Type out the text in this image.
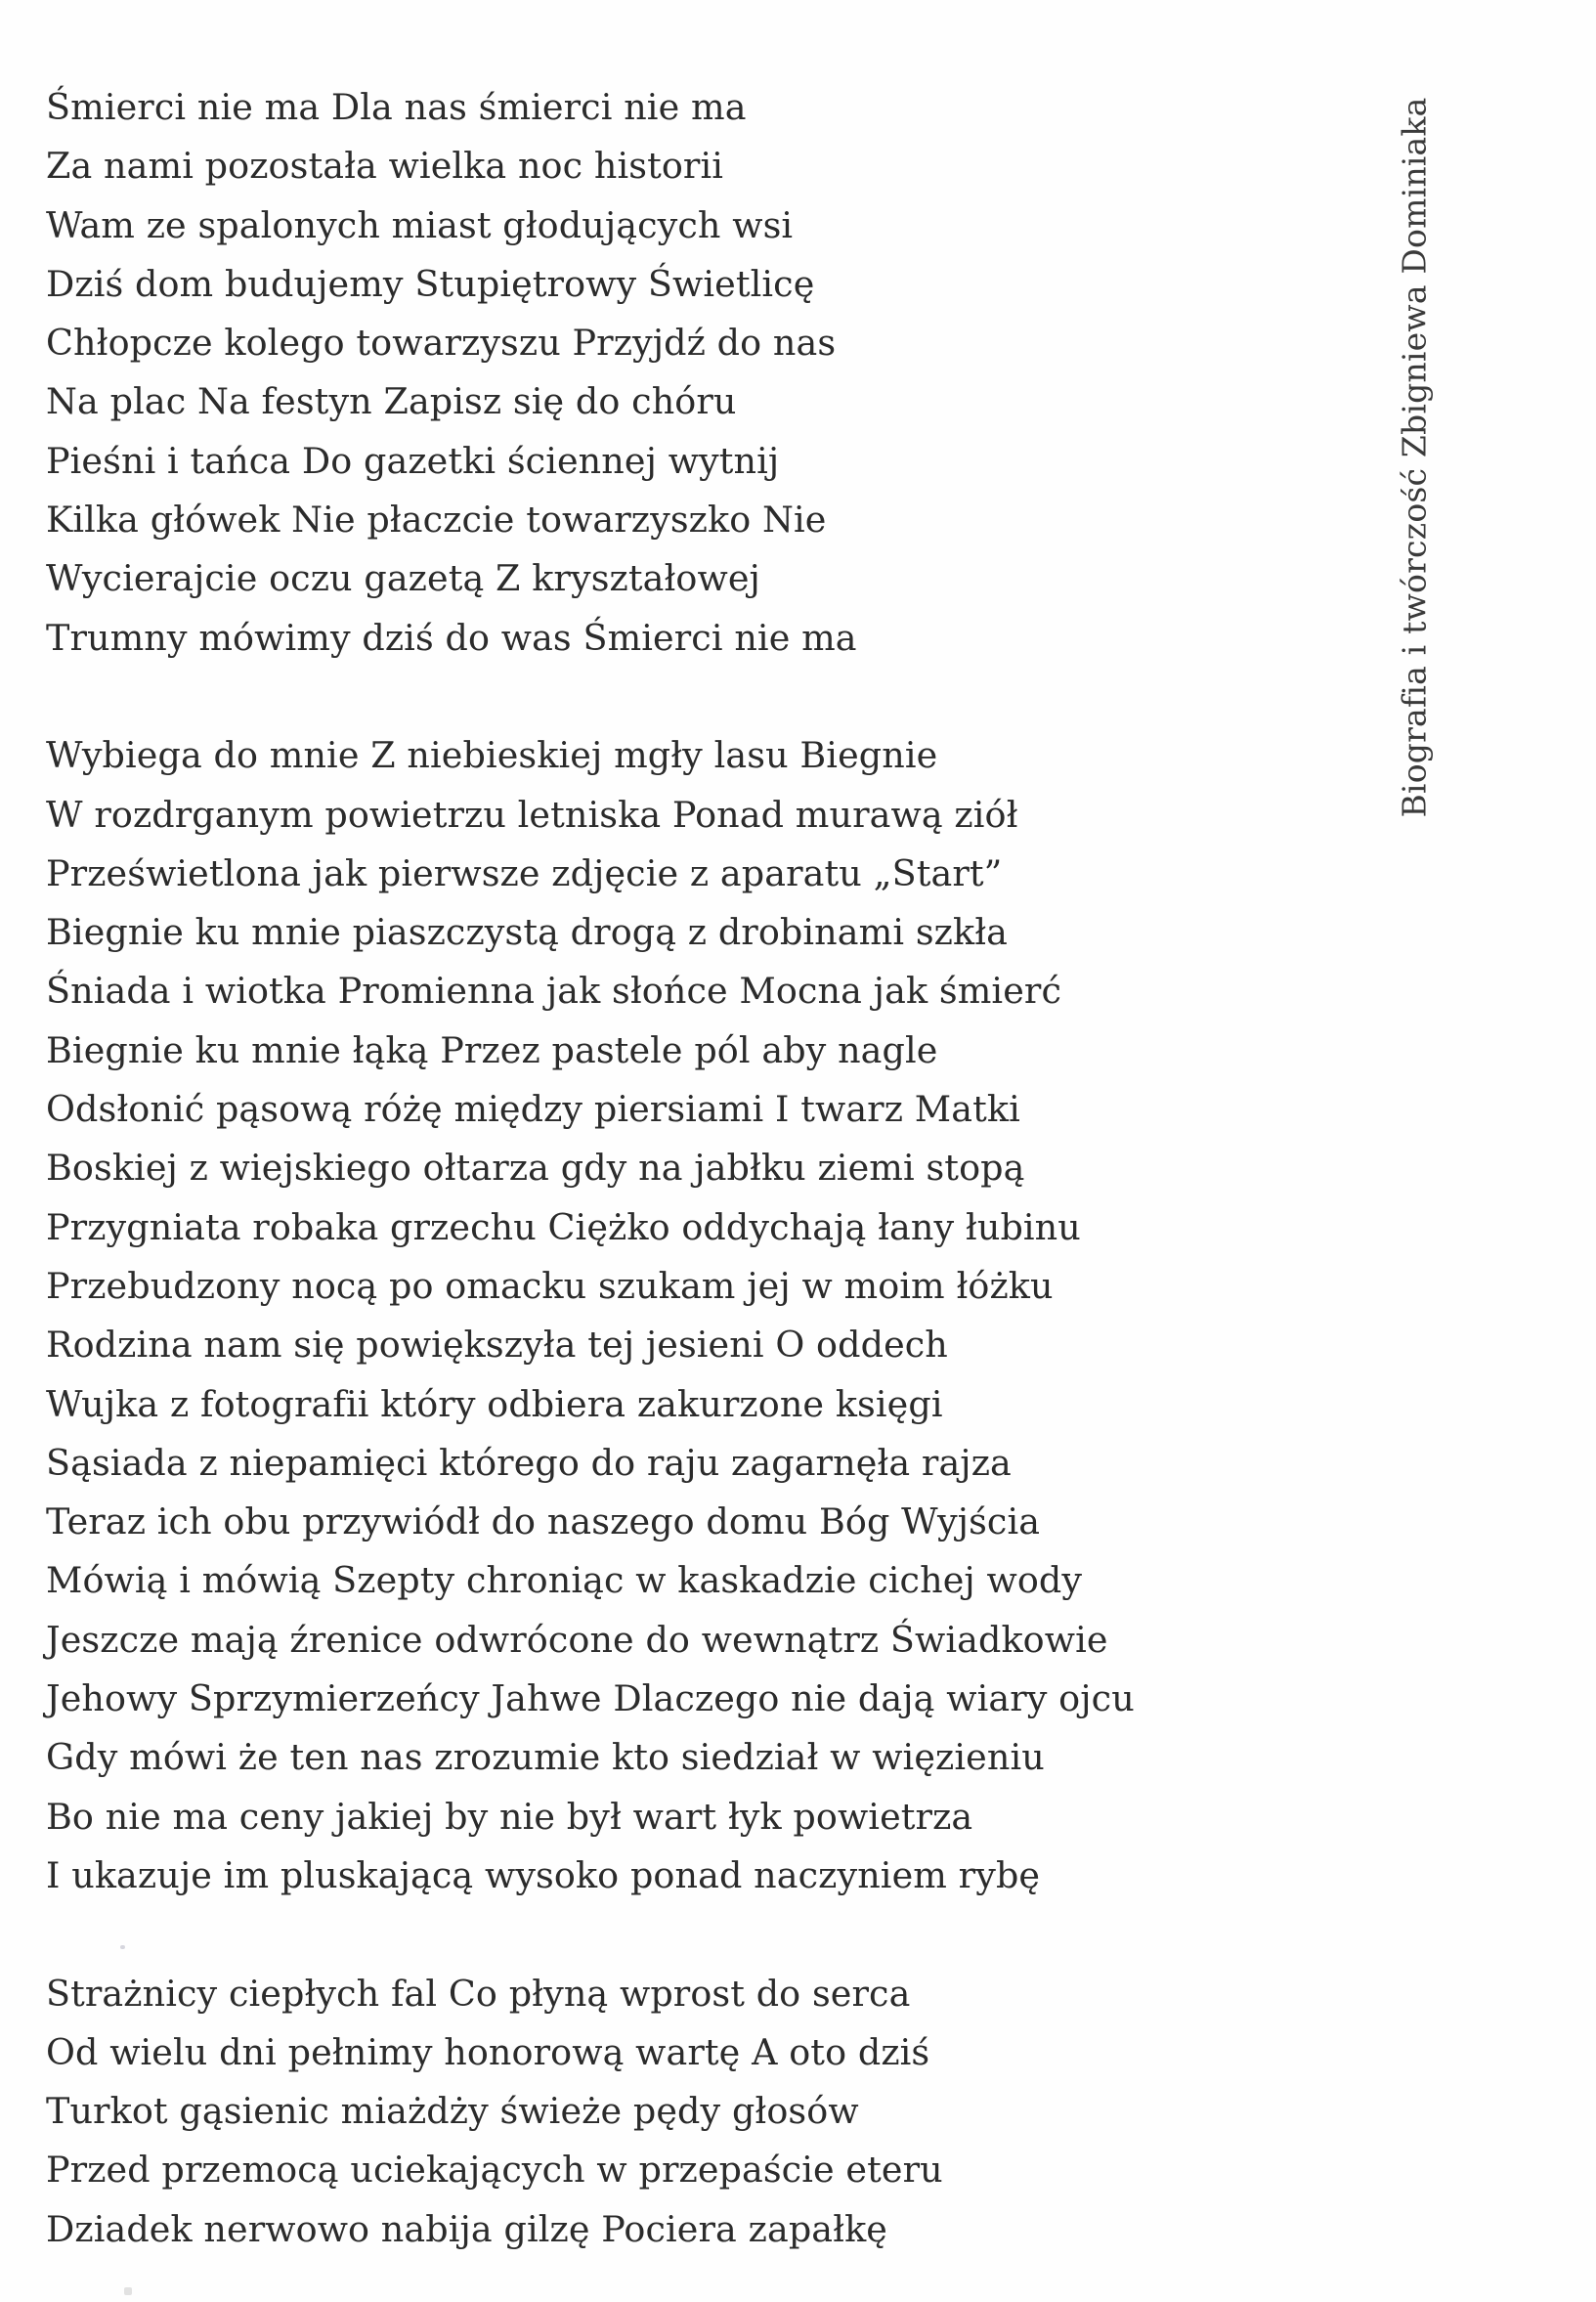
Biografia i twórczość Zbigniewa Dominiaka
Śmierci nie ma Dla nas śmierci nie ma
Za nami pozostała wielka noc historii
Wam ze spalonych miast głodujących wsi
Dziś dom budujemy Stupiętrowy Świetlicę
Chłopcze kolego towarzyszu Przyjdź do nas
Na plac Na festyn Zapisz się do chóru
Pieśni i tańca Do gazetki ściennej wytnij
Kilka główek Nie płaczcie towarzyszko Nie
Wycierajcie oczu gazetą Z kryształowej
Trumny mówimy dziś do was Śmierci nie ma
Wybiega do mnie Z niebieskiej mgły lasu Biegnie
W rozdrganym powietrzu letniska Ponad murawą ziół
Prześwietlona jak pierwsze zdjęcie z aparatu „Start”
Biegnie ku mnie piaszczystą drogą z drobinami szkła
Śniada i wiotka Promienna jak słońce Mocna jak śmierć
Biegnie ku mnie łąką Przez pastele pól aby nagle
Odsłonić pąsową różę między piersiami I twarz Matki
Boskiej z wiejskiego ołtarza gdy na jabłku ziemi stopą
Przygniata robaka grzechu Ciężko oddychają łany łubinu
Przebudzony nocą po omacku szukam jej w moim łóżku
Rodzina nam się powiększyła tej jesieni O oddech
Wujka z fotografii który odbiera zakurzone księgi
Sąsiada z niepamięci którego do raju zagarnęła rajza
Teraz ich obu przywiódł do naszego domu Bóg Wyjścia
Mówią i mówią Szepty chroniąc w kaskadzie cichej wody
Jeszcze mają źrenice odwrócone do wewnątrz Świadkowie
Jehowy Sprzymierzeńcy Jahwe Dlaczego nie dają wiary ojcu
Gdy mówi że ten nas zrozumie kto siedział w więzieniu
Bo nie ma ceny jakiej by nie był wart łyk powietrza
I ukazuje im pluskającą wysoko ponad naczyniem rybę
Strażnicy ciepłych fal Co płyną wprost do serca
Od wielu dni pełnimy honorową wartę A oto dziś
Turkot gąsienic miażdży świeże pędy głosów
Przed przemocą uciekających w przepaście eteru
Dziadek nerwowo nabija gilzę Pociera zapałkę
